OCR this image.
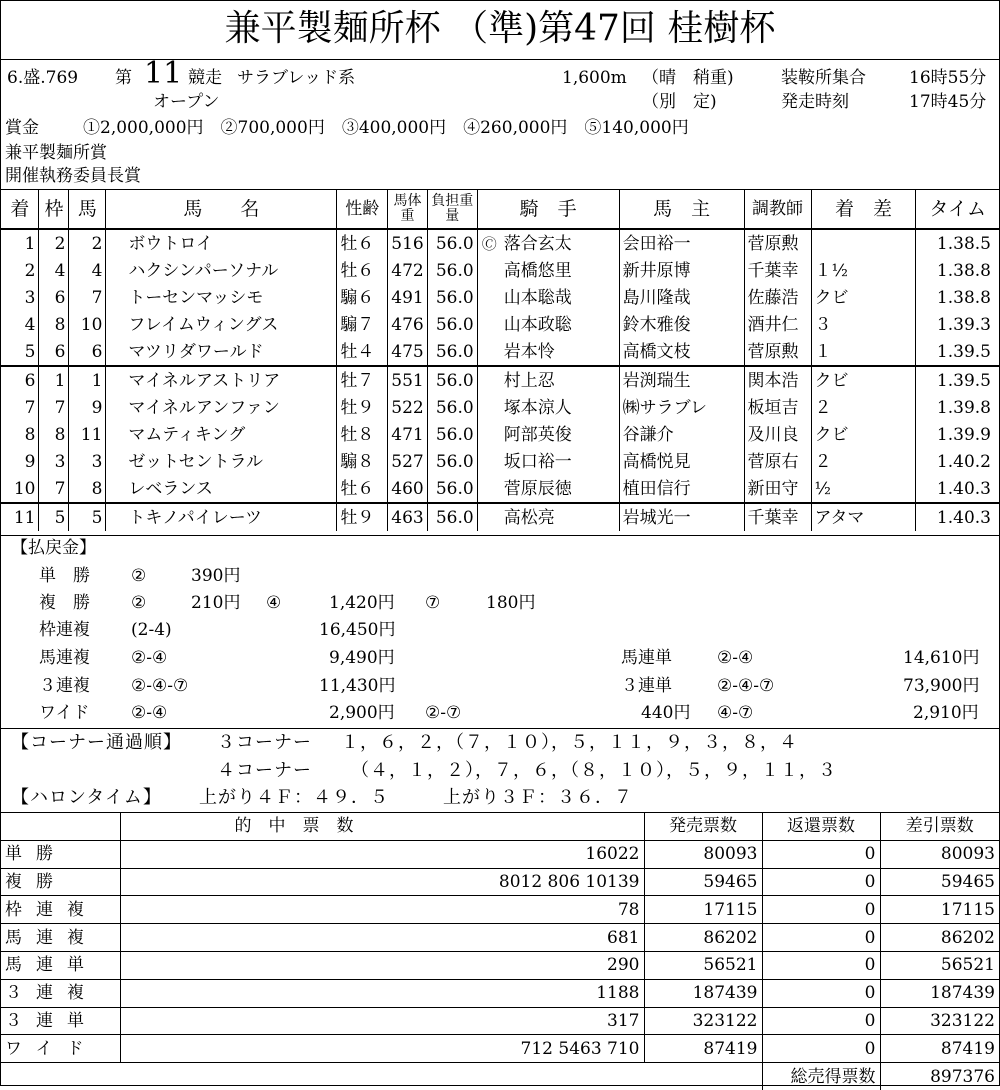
兼平製麺所杯 （準)第47回 桂樹杯
6.盛.769 第 11 競走 サラブレッド系
オープン
1,600m （晴　稍重)
（別　定)
装鞍所集合	16時55分
発走時刻	17時45分
賞金	①2,000,000円　②700,000円　③400,000円　④260,000円　⑤140,000円
兼平製麺所賞
開催執務委員長賞
着	枠	馬	馬　　名	性齢	馬体重	負担重量	騎　手	馬　主	調教師	着　差	タイム
1	2	2	ボウトロイ	牡６	516	56.0	🄫 落合玄太	会田裕一	菅原勲		1.38.5
2	4	4	ハクシンパーソナル	牡６	472	56.0	高橋悠里	新井原博	千葉幸	１½	1.38.8
3	6	7	トーセンマッシモ	騸６	491	56.0	山本聡哉	島川隆哉	佐藤浩	クビ	1.38.8
4	8	10	フレイムウィングス	騸７	476	56.0	山本政聡	鈴木雅俊	酒井仁	３	1.39.3
5	6	6	マツリダワールド	牡４	475	56.0	岩本怜	高橋文枝	菅原勲	１	1.39.5
6	1	1	マイネルアストリア	牡７	551	56.0	村上忍	岩渕瑞生	関本浩	クビ	1.39.5
7	7	9	マイネルアンファン	牡９	522	56.0	塚本涼人	㈱サラブレ	板垣吉	２	1.39.8
8	8	11	マムティキング	牡８	471	56.0	阿部英俊	谷謙介	及川良	クビ	1.39.9
9	3	3	ゼットセントラル	騸８	527	56.0	坂口裕一	高橋悦見	菅原右	２	1.40.2
10	7	8	レベランス	牡６	460	56.0	菅原辰徳	植田信行	新田守	½	1.40.3
11	5	5	トキノパイレーツ	牡９	463	56.0	高松亮	岩城光一	千葉幸	アタマ	1.40.3
【払戻金】
単　勝 ②	390円
複　勝 ②	210円 ④	1,420円 ⑦	180円
枠連複 (2-4)	16,450円
馬連複 ②-④	9,490円	馬連単	②-④	14,610円
３連複 ②-④-⑦	11,430円	３連単	②-④-⑦	73,900円
ワイド ②-④	2,900円 ②-⑦	440円 ④-⑦	2,910円
【コーナー通過順】 ３コーナー １，６，２，（７，１０），５，１１，９，３，８，４
４コーナー （４，１，２），７，６，（８，１０），５，９，１１，３
【ハロンタイム】 上がり４Ｆ：４９．５	上がり３Ｆ：３６．７
	的　中　票　数	発売票数	返還票数	差引票数
単勝	16022	80093	0	80093
複勝	8012 806 10139	59465	0	59465
枠連複	78	17115	0	17115
馬連複	681	86202	0	86202
馬連単	290	56521	0	56521
３連複	1188	187439	0	187439
３連単	317	323122	0	323122
ワイド	712 5463 710	87419	0	87419
			総売得票数	897376
